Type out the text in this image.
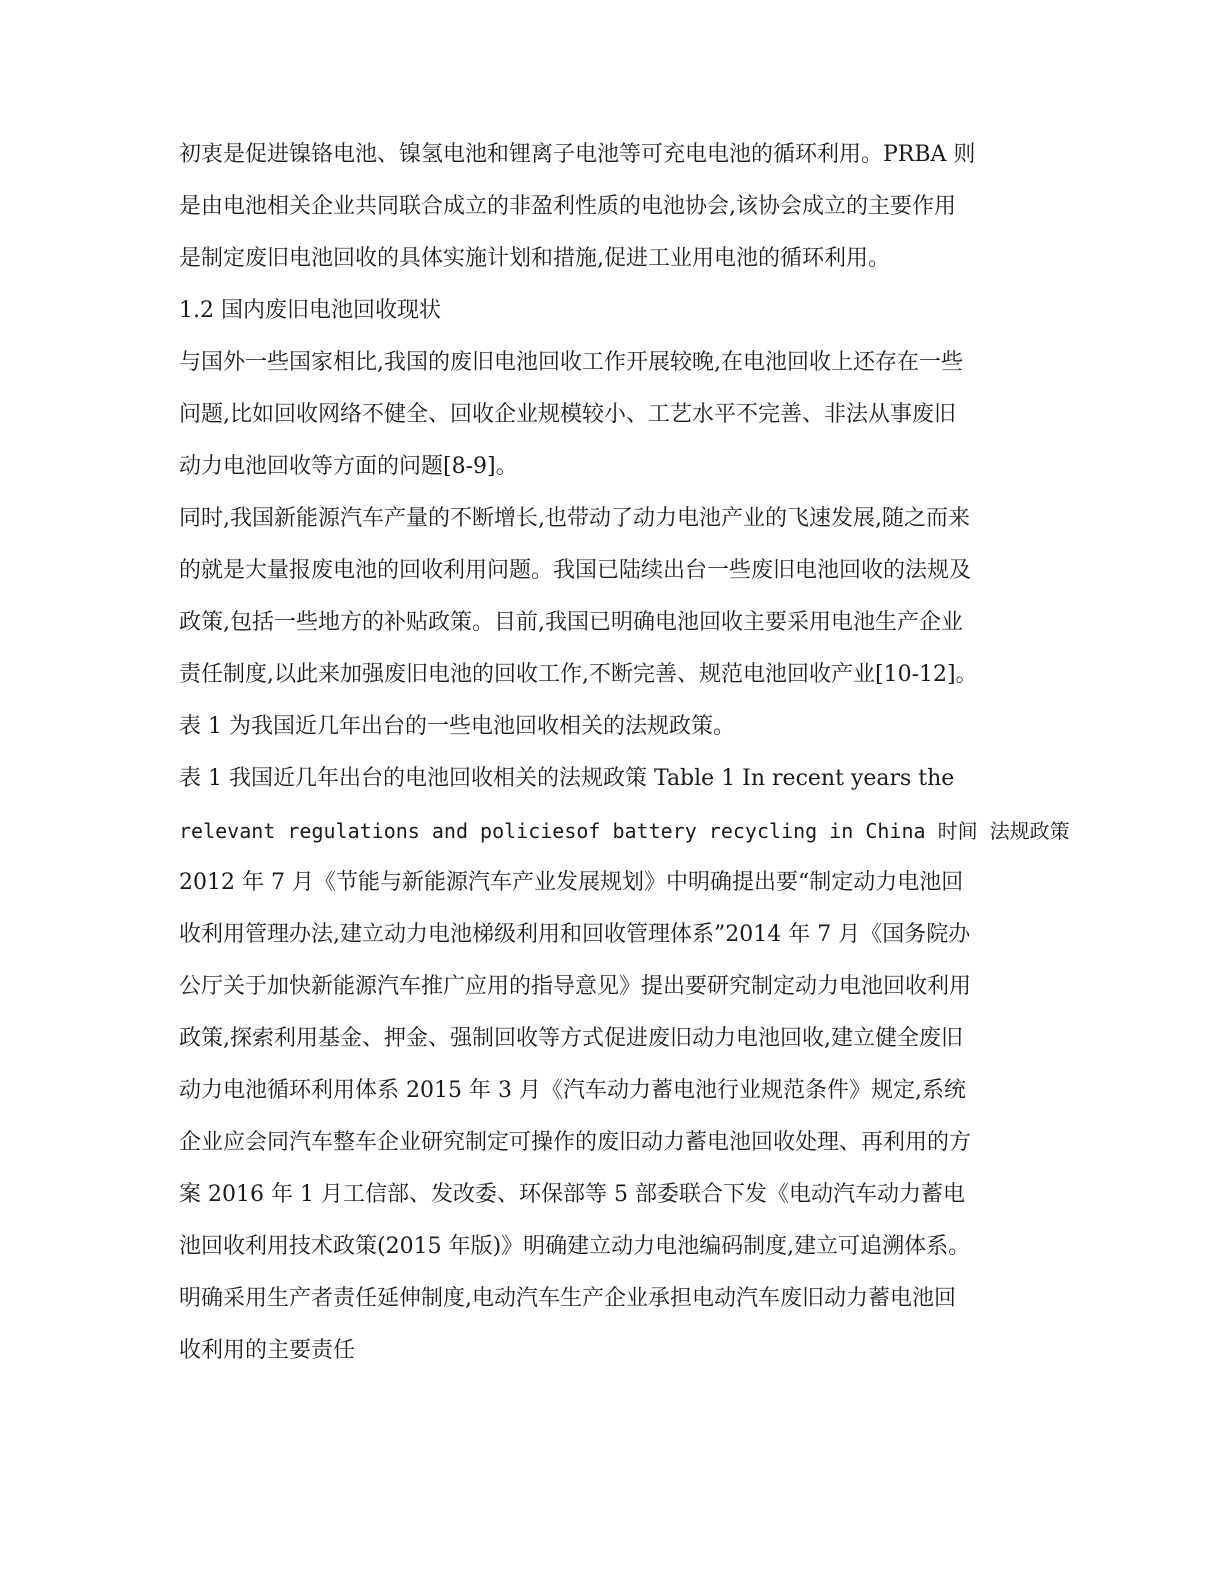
初衷是促进镍铬电池、镍氢电池和锂离子电池等可充电电池的循环利用。PRBA 则
是由电池相关企业共同联合成立的非盈利性质的电池协会,该协会成立的主要作用
是制定废旧电池回收的具体实施计划和措施,促进工业用电池的循环利用。
1.2 国内废旧电池回收现状
与国外一些国家相比,我国的废旧电池回收工作开展较晚,在电池回收上还存在一些
问题,比如回收网络不健全、回收企业规模较小、工艺水平不完善、非法从事废旧
动力电池回收等方面的问题[8-9]。
同时,我国新能源汽车产量的不断增长,也带动了动力电池产业的飞速发展,随之而来
的就是大量报废电池的回收利用问题。我国已陆续出台一些废旧电池回收的法规及
政策,包括一些地方的补贴政策。目前,我国已明确电池回收主要采用电池生产企业
责任制度,以此来加强废旧电池的回收工作,不断完善、规范电池回收产业[10-12]。
表 1 为我国近几年出台的一些电池回收相关的法规政策。
表 1 我国近几年出台的电池回收相关的法规政策 Table 1 In recent years the
relevant regulations and policiesof battery recycling in China 时间 法规政策
2012 年 7 月《节能与新能源汽车产业发展规划》中明确提出要“制定动力电池回
收利用管理办法,建立动力电池梯级利用和回收管理体系”2014 年 7 月《国务院办
公厅关于加快新能源汽车推广应用的指导意见》提出要研究制定动力电池回收利用
政策,探索利用基金、押金、强制回收等方式促进废旧动力电池回收,建立健全废旧
动力电池循环利用体系 2015 年 3 月《汽车动力蓄电池行业规范条件》规定,系统
企业应会同汽车整车企业研究制定可操作的废旧动力蓄电池回收处理、再利用的方
案 2016 年 1 月工信部、发改委、环保部等 5 部委联合下发《电动汽车动力蓄电
池回收利用技术政策(2015 年版)》明确建立动力电池编码制度,建立可追溯体系。
明确采用生产者责任延伸制度,电动汽车生产企业承担电动汽车废旧动力蓄电池回
收利用的主要责任
